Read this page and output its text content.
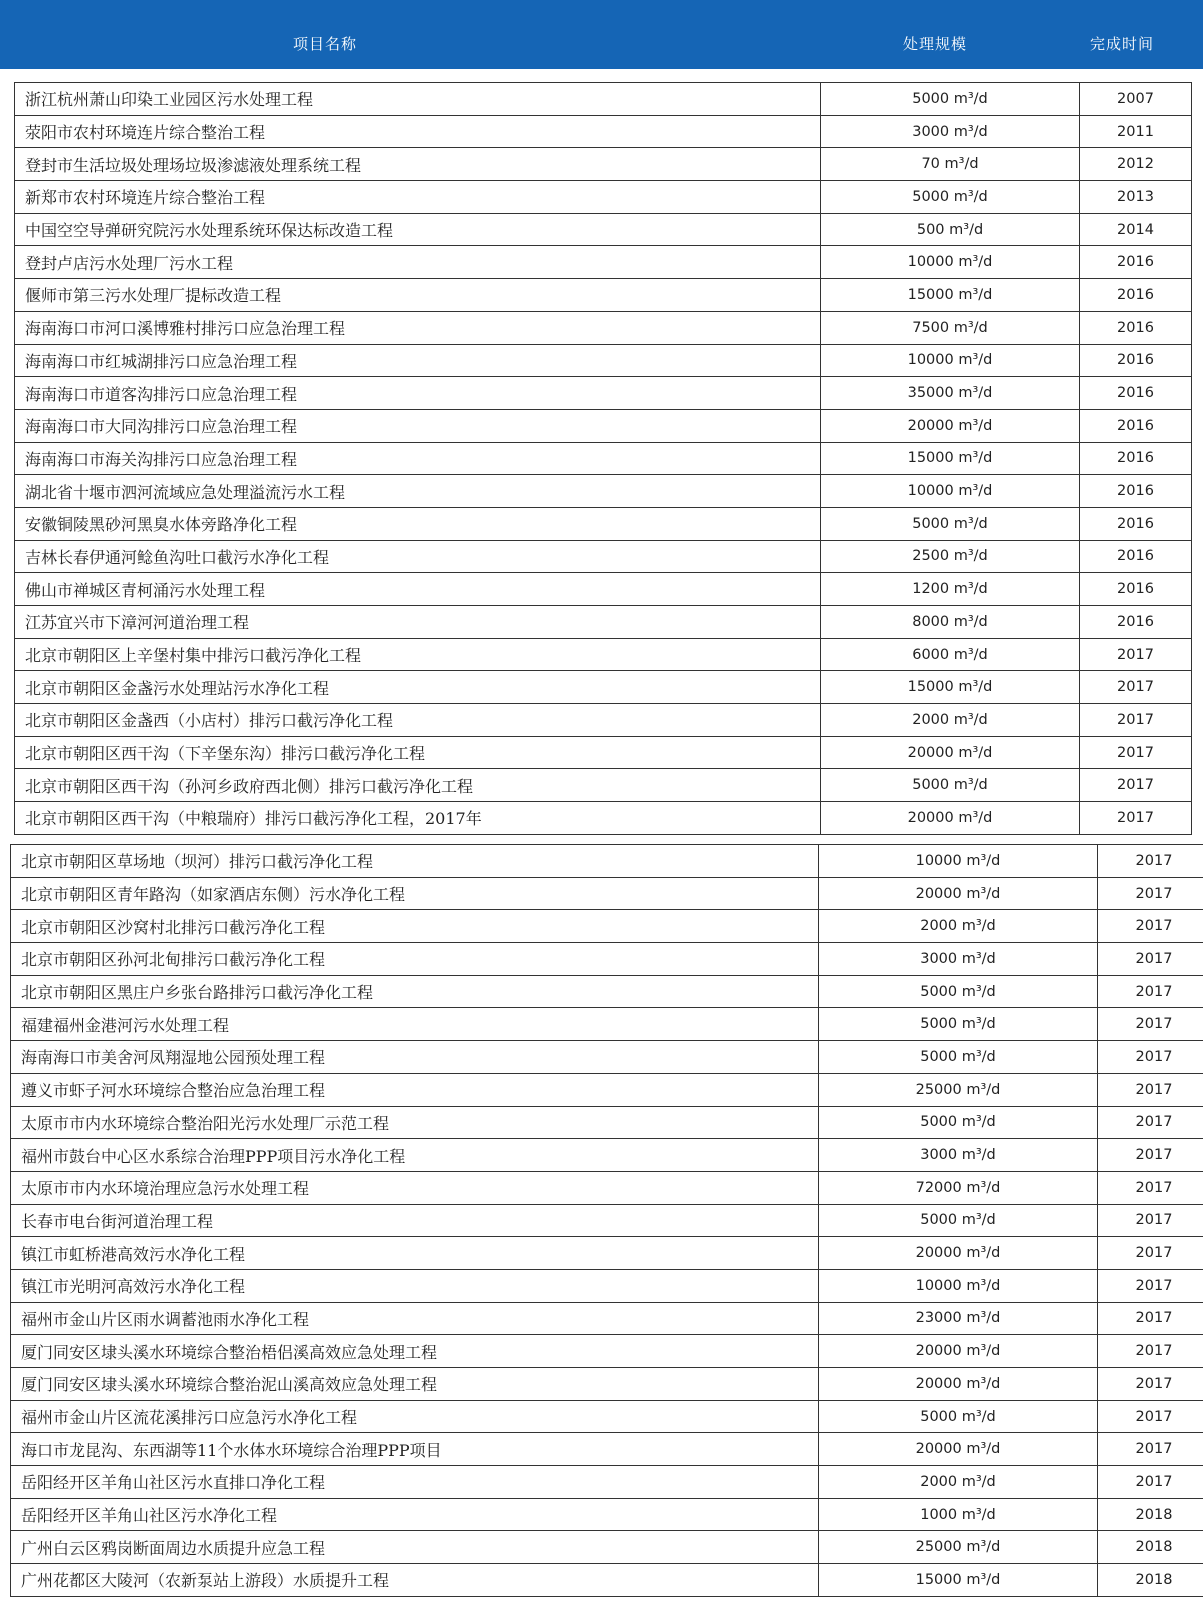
项目名称	处理规模	完成时间
浙江杭州萧山印染工业园区污水处理工程	5000 m³/d	2007
荥阳市农村环境连片综合整治工程	3000 m³/d	2011
登封市生活垃圾处理场垃圾渗滤液处理系统工程	70 m³/d	2012
新郑市农村环境连片综合整治工程	5000 m³/d	2013
中国空空导弹研究院污水处理系统环保达标改造工程	500 m³/d	2014
登封卢店污水处理厂污水工程	10000 m³/d	2016
偃师市第三污水处理厂提标改造工程	15000 m³/d	2016
海南海口市河口溪博雅村排污口应急治理工程	7500 m³/d	2016
海南海口市红城湖排污口应急治理工程	10000 m³/d	2016
海南海口市道客沟排污口应急治理工程	35000 m³/d	2016
海南海口市大同沟排污口应急治理工程	20000 m³/d	2016
海南海口市海关沟排污口应急治理工程	15000 m³/d	2016
湖北省十堰市泗河流域应急处理溢流污水工程	10000 m³/d	2016
安徽铜陵黑砂河黑臭水体旁路净化工程	5000 m³/d	2016
吉林长春伊通河鲶鱼沟吐口截污水净化工程	2500 m³/d	2016
佛山市禅城区青柯涌污水处理工程	1200 m³/d	2016
江苏宜兴市下漳河河道治理工程	8000 m³/d	2016
北京市朝阳区上辛堡村集中排污口截污净化工程	6000 m³/d	2017
北京市朝阳区金盏污水处理站污水净化工程	15000 m³/d	2017
北京市朝阳区金盏西（小店村）排污口截污净化工程	2000 m³/d	2017
北京市朝阳区西干沟（下辛堡东沟）排污口截污净化工程	20000 m³/d	2017
北京市朝阳区西干沟（孙河乡政府西北侧）排污口截污净化工程	5000 m³/d	2017
北京市朝阳区西干沟（中粮瑞府）排污口截污净化工程，2017年	20000 m³/d	2017
北京市朝阳区草场地（坝河）排污口截污净化工程	10000 m³/d	2017
北京市朝阳区青年路沟（如家酒店东侧）污水净化工程	20000 m³/d	2017
北京市朝阳区沙窝村北排污口截污净化工程	2000 m³/d	2017
北京市朝阳区孙河北甸排污口截污净化工程	3000 m³/d	2017
北京市朝阳区黑庄户乡张台路排污口截污净化工程	5000 m³/d	2017
福建福州金港河污水处理工程	5000 m³/d	2017
海南海口市美舍河凤翔湿地公园预处理工程	5000 m³/d	2017
遵义市虾子河水环境综合整治应急治理工程	25000 m³/d	2017
太原市市内水环境综合整治阳光污水处理厂示范工程	5000 m³/d	2017
福州市鼓台中心区水系综合治理PPP项目污水净化工程	3000 m³/d	2017
太原市市内水环境治理应急污水处理工程	72000 m³/d	2017
长春市电台街河道治理工程	5000 m³/d	2017
镇江市虹桥港高效污水净化工程	20000 m³/d	2017
镇江市光明河高效污水净化工程	10000 m³/d	2017
福州市金山片区雨水调蓄池雨水净化工程	23000 m³/d	2017
厦门同安区埭头溪水环境综合整治梧侣溪高效应急处理工程	20000 m³/d	2017
厦门同安区埭头溪水环境综合整治泥山溪高效应急处理工程	20000 m³/d	2017
福州市金山片区流花溪排污口应急污水净化工程	5000 m³/d	2017
海口市龙昆沟、东西湖等11个水体水环境综合治理PPP项目	20000 m³/d	2017
岳阳经开区羊角山社区污水直排口净化工程	2000 m³/d	2017
岳阳经开区羊角山社区污水净化工程	1000 m³/d	2018
广州白云区鸦岗断面周边水质提升应急工程	25000 m³/d	2018
广州花都区大陵河（农新泵站上游段）水质提升工程	15000 m³/d	2018
